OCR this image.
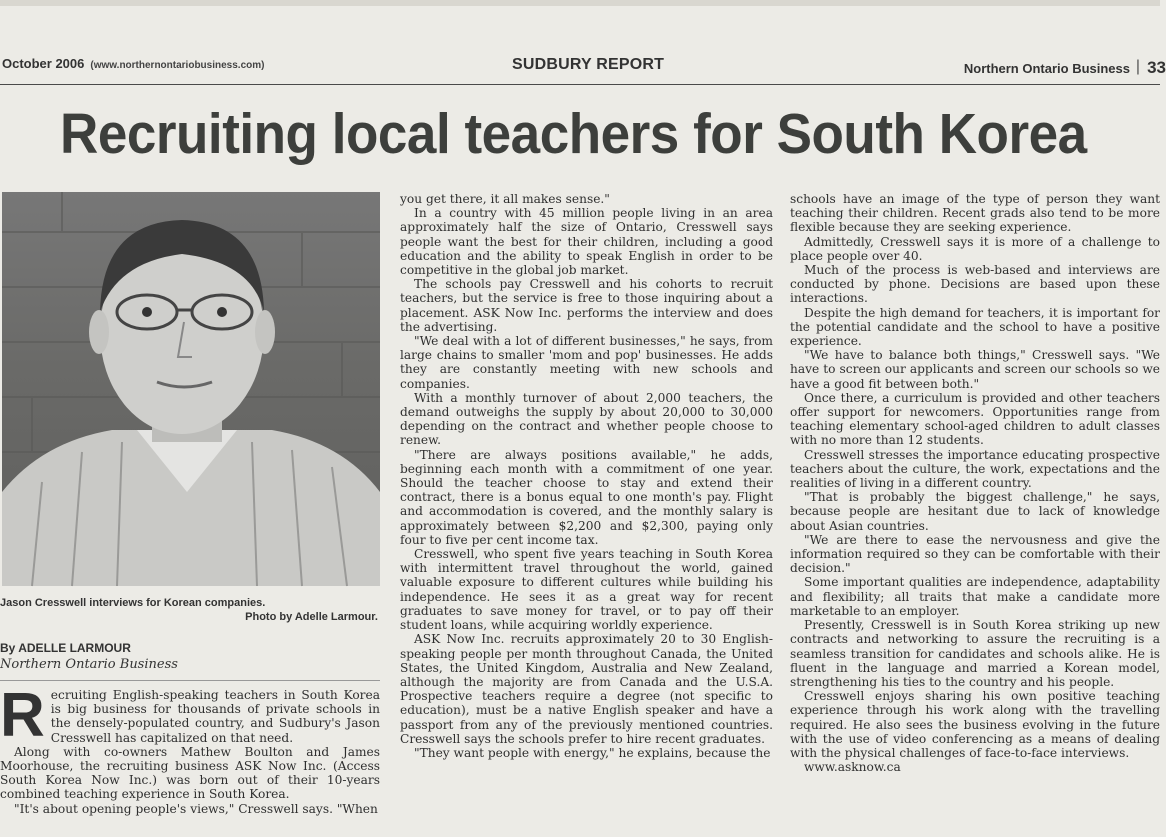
October 2006 (www.northernontariobusiness.com)	SUDBURY REPORT	Northern Ontario Business | 33
Recruiting local teachers for South Korea
Jason Cresswell interviews for Korean companies.
Photo by Adelle Larmour.
By ADELLE LARMOUR
Northern Ontario Business

Recruiting English-speaking teachers in South Korea is big business for thousands of private schools in the densely-populated country, and Sudbury's Jason Cresswell has capitalized on that need.

Along with co-owners Mathew Boulton and James Moorhouse, the recruiting business ASK Now Inc. (Access South Korea Now Inc.) was born out of their 10-years combined teaching experience in South Korea.

"It's about opening people's views," Cresswell says. "When

you get there, it all makes sense."

In a country with 45 million people living in an area approximately half the size of Ontario, Cresswell says people want the best for their children, including a good education and the ability to speak English in order to be competitive in the global job market.

The schools pay Cresswell and his cohorts to recruit teachers, but the service is free to those inquiring about a placement. ASK Now Inc. performs the interview and does the advertising.

"We deal with a lot of different businesses," he says, from large chains to smaller 'mom and pop' businesses. He adds they are constantly meeting with new schools and companies.

With a monthly turnover of about 2,000 teachers, the demand outweighs the supply by about 20,000 to 30,000 depending on the contract and whether people choose to renew.

"There are always positions available," he adds, beginning each month with a commitment of one year. Should the teacher choose to stay and extend their contract, there is a bonus equal to one month's pay. Flight and accommodation is covered, and the monthly salary is approximately between $2,200 and $2,300, paying only four to five per cent income tax.

Cresswell, who spent five years teaching in South Korea with intermittent travel throughout the world, gained valuable exposure to different cultures while building his independence. He sees it as a great way for recent graduates to save money for travel, or to pay off their student loans, while acquiring worldly experience.

ASK Now Inc. recruits approximately 20 to 30 English-speaking people per month throughout Canada, the United States, the United Kingdom, Australia and New Zealand, although the majority are from Canada and the U.S.A. Prospective teachers require a degree (not specific to education), must be a native English speaker and have a passport from any of the previously mentioned countries. Cresswell says the schools prefer to hire recent graduates.

"They want people with energy," he explains, because the

schools have an image of the type of person they want teaching their children. Recent grads also tend to be more flexible because they are seeking experience.

Admittedly, Cresswell says it is more of a challenge to place people over 40.

Much of the process is web-based and interviews are conducted by phone. Decisions are based upon these interactions.

Despite the high demand for teachers, it is important for the potential candidate and the school to have a positive experience.

"We have to balance both things," Cresswell says. "We have to screen our applicants and screen our schools so we have a good fit between both."

Once there, a curriculum is provided and other teachers offer support for newcomers. Opportunities range from teaching elementary school-aged children to adult classes with no more than 12 students.

Cresswell stresses the importance educating prospective teachers about the culture, the work, expectations and the realities of living in a different country.

"That is probably the biggest challenge," he says, because people are hesitant due to lack of knowledge about Asian countries.

"We are there to ease the nervousness and give the information required so they can be comfortable with their decision."

Some important qualities are independence, adaptability and flexibility; all traits that make a candidate more marketable to an employer.

Presently, Cresswell is in South Korea striking up new contracts and networking to assure the recruiting is a seamless transition for candidates and schools alike. He is fluent in the language and married a Korean model, strengthening his ties to the country and his people.

Cresswell enjoys sharing his own positive teaching experience through his work along with the travelling required. He also sees the business evolving in the future with the use of video conferencing as a means of dealing with the physical challenges of face-to-face interviews.

www.asknow.ca
